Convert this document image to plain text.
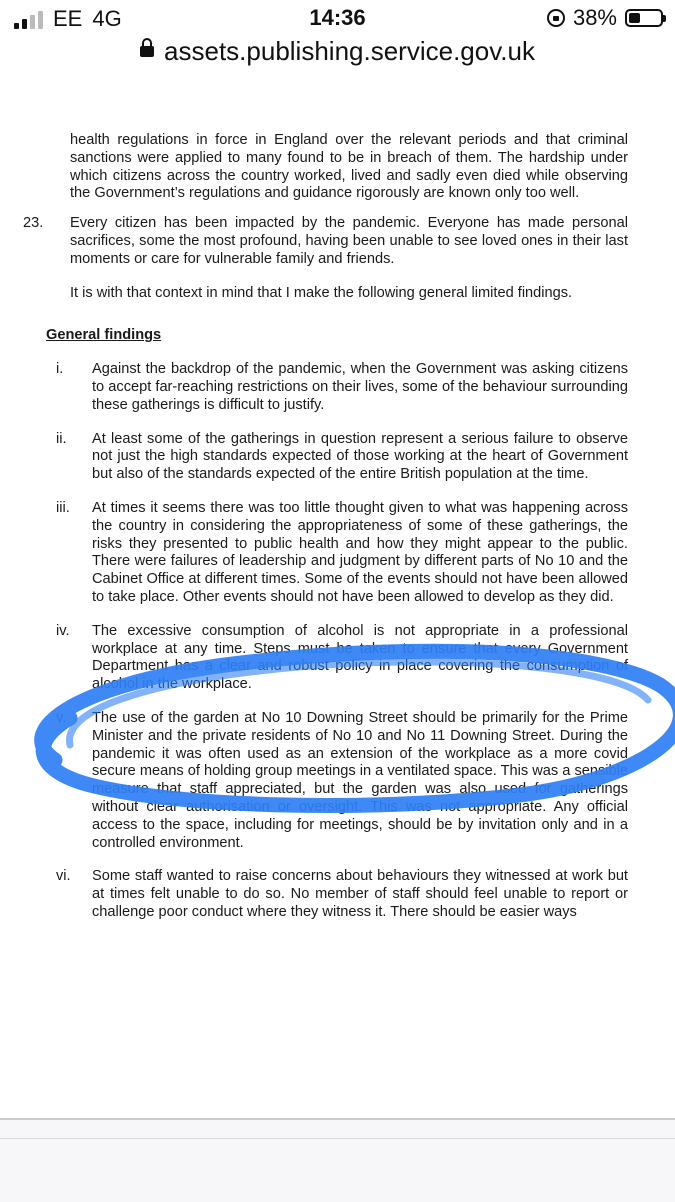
EE 4G	14:36	38%
assets.publishing.service.gov.uk

health regulations in force in England over the relevant periods and that criminal sanctions were applied to many found to be in breach of them. The hardship under which citizens across the country worked, lived and sadly even died while observing the Government’s regulations and guidance rigorously are known only too well.

23. Every citizen has been impacted by the pandemic. Everyone has made personal sacrifices, some the most profound, having been unable to see loved ones in their last moments or care for vulnerable family and friends.

It is with that context in mind that I make the following general limited findings.

General findings
i. Against the backdrop of the pandemic, when the Government was asking citizens to accept far-reaching restrictions on their lives, some of the behaviour surrounding these gatherings is difficult to justify.
ii. At least some of the gatherings in question represent a serious failure to observe not just the high standards expected of those working at the heart of Government but also of the standards expected of the entire British population at the time.
iii. At times it seems there was too little thought given to what was happening across the country in considering the appropriateness of some of these gatherings, the risks they presented to public health and how they might appear to the public. There were failures of leadership and judgment by different parts of No 10 and the Cabinet Office at different times. Some of the events should not have been allowed to take place. Other events should not have been allowed to develop as they did.
iv. The excessive consumption of alcohol is not appropriate in a professional workplace at any time. Steps must be taken to ensure that every Government Department has a clear and robust policy in place covering the consumption of alcohol in the workplace.
v. The use of the garden at No 10 Downing Street should be primarily for the Prime Minister and the private residents of No 10 and No 11 Downing Street. During the pandemic it was often used as an extension of the workplace as a more covid secure means of holding group meetings in a ventilated space. This was a sensible measure that staff appreciated, but the garden was also used for gatherings without clear authorisation or oversight. This was not appropriate. Any official access to the space, including for meetings, should be by invitation only and in a controlled environment.
vi. Some staff wanted to raise concerns about behaviours they witnessed at work but at times felt unable to do so. No member of staff should feel unable to report or challenge poor conduct where they witness it. There should be easier ways
